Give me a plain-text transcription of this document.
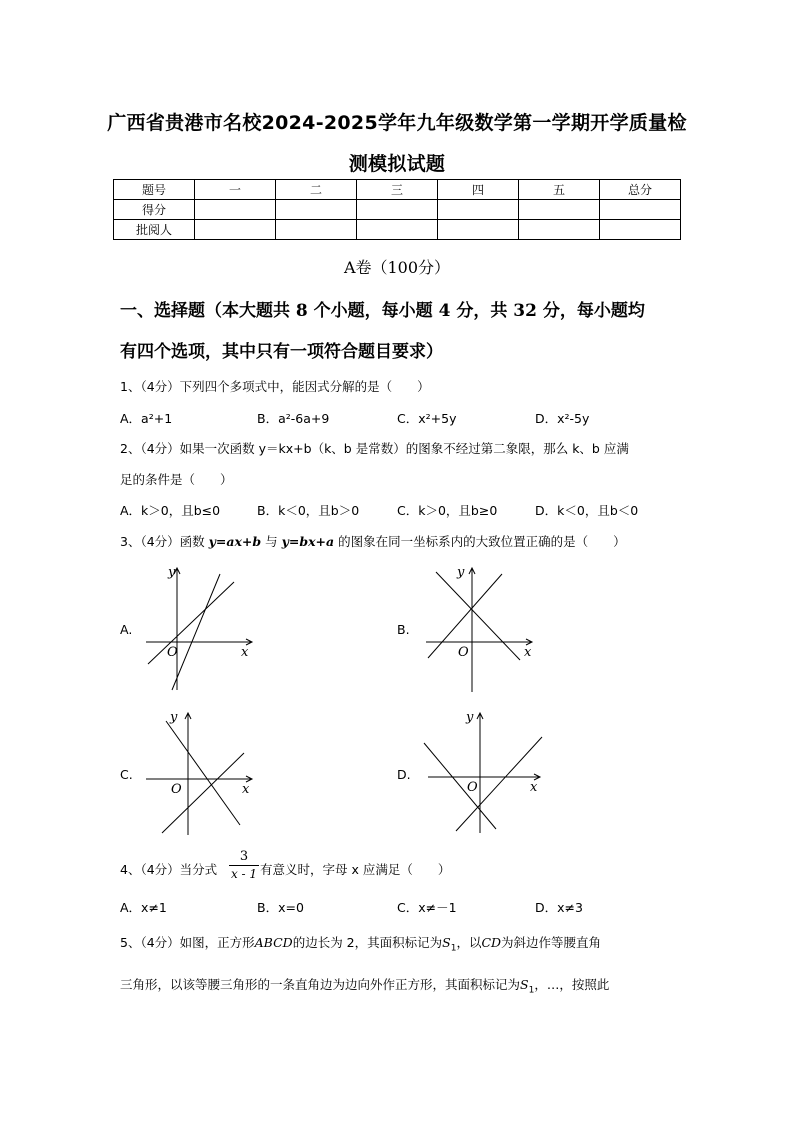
广西省贵港市名校2024-2025学年九年级数学第一学期开学质量检
测模拟试题
题号	一	二	三	四	五	总分
得分						
批阅人						
A卷（100分）
一、选择题（本大题共 8 个小题，每小题 4 分，共 32 分，每小题均
有四个选项，其中只有一项符合题目要求）
1、（4分）下列四个多项式中，能因式分解的是（　　）
A．a²+1	B．a²-6a+9	C．x²+5y	D．x²-5y
2、（4分）如果一次函数 y＝kx+b（k、b 是常数）的图象不经过第二象限，那么 k、b 应满
足的条件是（　　）
A．k＞0，且b≤0	B．k＜0，且b＞0	C．k＞0，且b≥0	D．k＜0，且b＜0
3、（4分）函数 y=ax+b 与 y=bx+a 的图象在同一坐标系内的大致位置正确的是（　　）
A.	B.
C.	D.
y
x
O
y
x
O
y
x
O
y
x
O
4、（4分）当分式
3
x - 1 有意义时，字母 x 应满足（　　）
A．x≠1	B．x=0	C．x≠－1	D．x≠3
5、（4分）如图，正方形ABCD的边长为 2，其面积标记为$S_1$，以CD为斜边作等腰直角
三角形，以该等腰三角形的一条直角边为边向外作正方形，其面积标记为$S_1$，…，按照此
